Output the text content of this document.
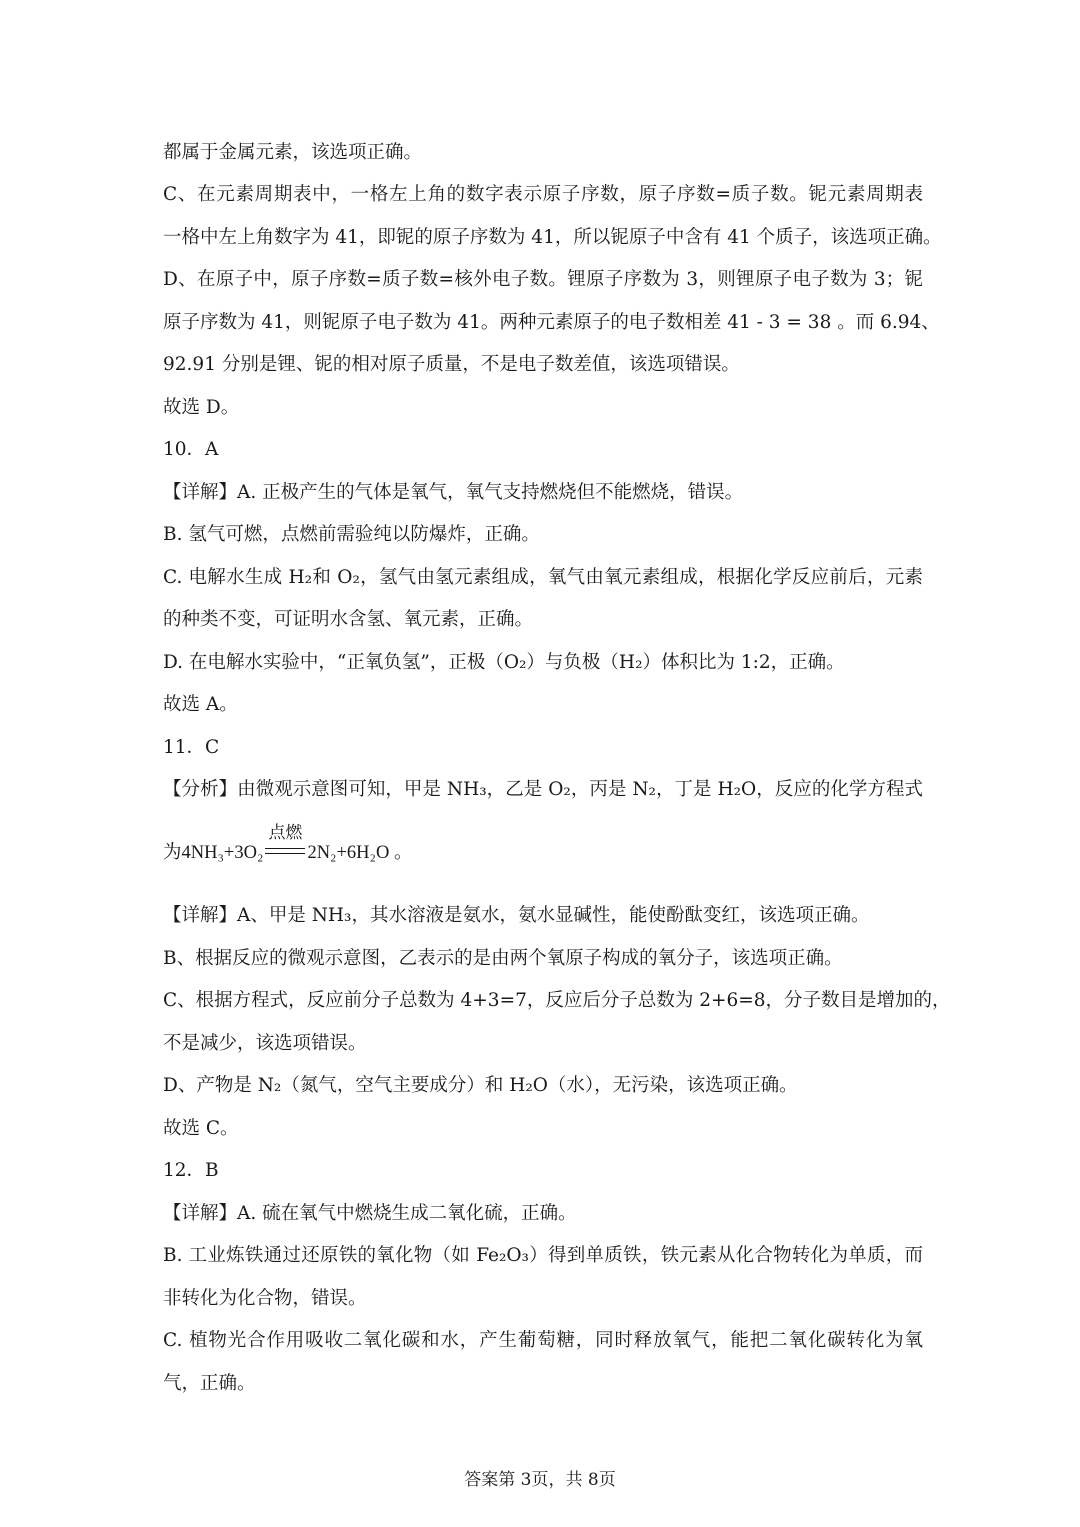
都属于金属元素，该选项正确。
C、在元素周期表中，一格左上角的数字表示原子序数，原子序数=质子数。铌元素周期表
一格中左上角数字为 41，即铌的原子序数为 41，所以铌原子中含有 41 个质子，该选项正确。
D、在原子中，原子序数=质子数=核外电子数。锂原子序数为 3，则锂原子电子数为 3；铌
原子序数为 41，则铌原子电子数为 41。两种元素原子的电子数相差 41 - 3 = 38 。而 6.94、
92.91 分别是锂、铌的相对原子质量，不是电子数差值，该选项错误。
故选 D。
10．A
【详解】A. 正极产生的气体是氧气，氧气支持燃烧但不能燃烧，错误。
B. 氢气可燃，点燃前需验纯以防爆炸，正确。
C. 电解水生成 H₂和 O₂，氢气由氢元素组成，氧气由氧元素组成，根据化学反应前后，元素
的种类不变，可证明水含氢、氧元素，正确。
D. 在电解水实验中，“正氧负氢”，正极（O₂）与负极（H₂）体积比为 1:2，正确。
故选 A。
11．C
【分析】由微观示意图可知，甲是 NH₃，乙是 O₂，丙是 N₂，丁是 H₂O，反应的化学方程式
为4NH₃+3O₂
点燃
2N₂+6H₂O 。
【详解】A、甲是 NH₃，其水溶液是氨水，氨水显碱性，能使酚酞变红，该选项正确。
B、根据反应的微观示意图，乙表示的是由两个氧原子构成的氧分子，该选项正确。
C、根据方程式，反应前分子总数为 4+3=7，反应后分子总数为 2+6=8，分子数目是增加的，
不是减少，该选项错误。
D、产物是 N₂（氮气，空气主要成分）和 H₂O（水），无污染，该选项正确。
故选 C。
12．B
【详解】A. 硫在氧气中燃烧生成二氧化硫，正确。
B. 工业炼铁通过还原铁的氧化物（如 Fe₂O₃）得到单质铁，铁元素从化合物转化为单质，而
非转化为化合物，错误。
C. 植物光合作用吸收二氧化碳和水，产生葡萄糖，同时释放氧气，能把二氧化碳转化为氧
气，正确。
答案第 3页，共 8页
